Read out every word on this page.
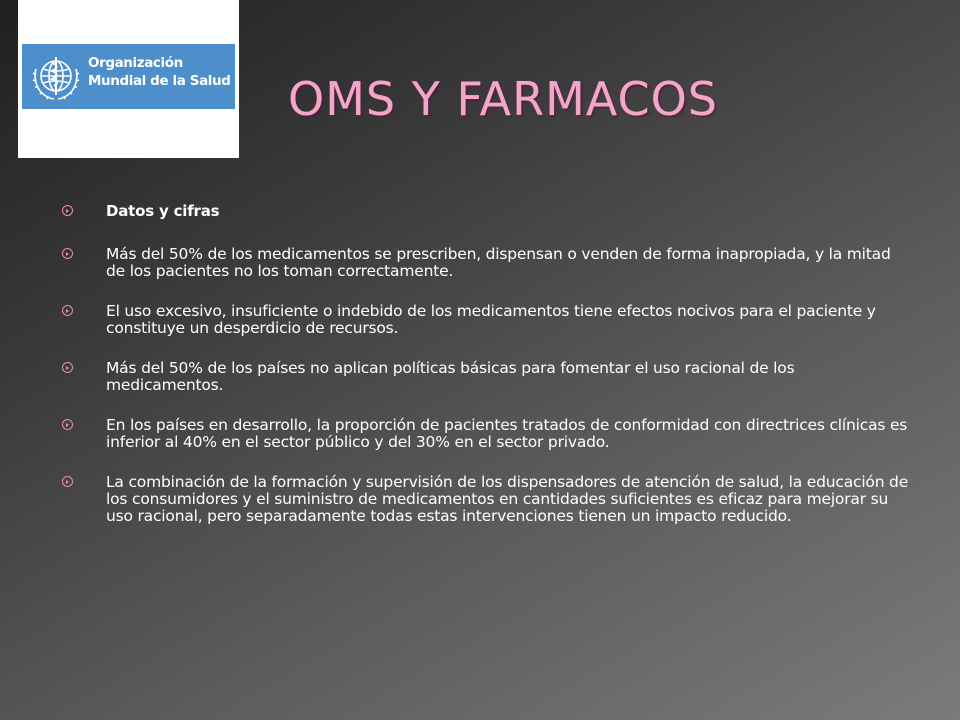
Organización
Mundial de la Salud OMS Y FARMACOS
Datos y cifras
Más del 50% de los medicamentos se prescriben, dispensan o venden de forma inapropiada, y la mitad de los pacientes no los toman correctamente.
El uso excesivo, insuficiente o indebido de los medicamentos tiene efectos nocivos para el paciente y constituye un desperdicio de recursos.
Más del 50% de los países no aplican políticas básicas para fomentar el uso racional de los medicamentos.
En los países en desarrollo, la proporción de pacientes tratados de conformidad con directrices clínicas es inferior al 40% en el sector público y del 30% en el sector privado.
La combinación de la formación y supervisión de los dispensadores de atención de salud, la educación de los consumidores y el suministro de medicamentos en cantidades suficientes es eficaz para mejorar su uso racional, pero separadamente todas estas intervenciones tienen un impacto reducido.
